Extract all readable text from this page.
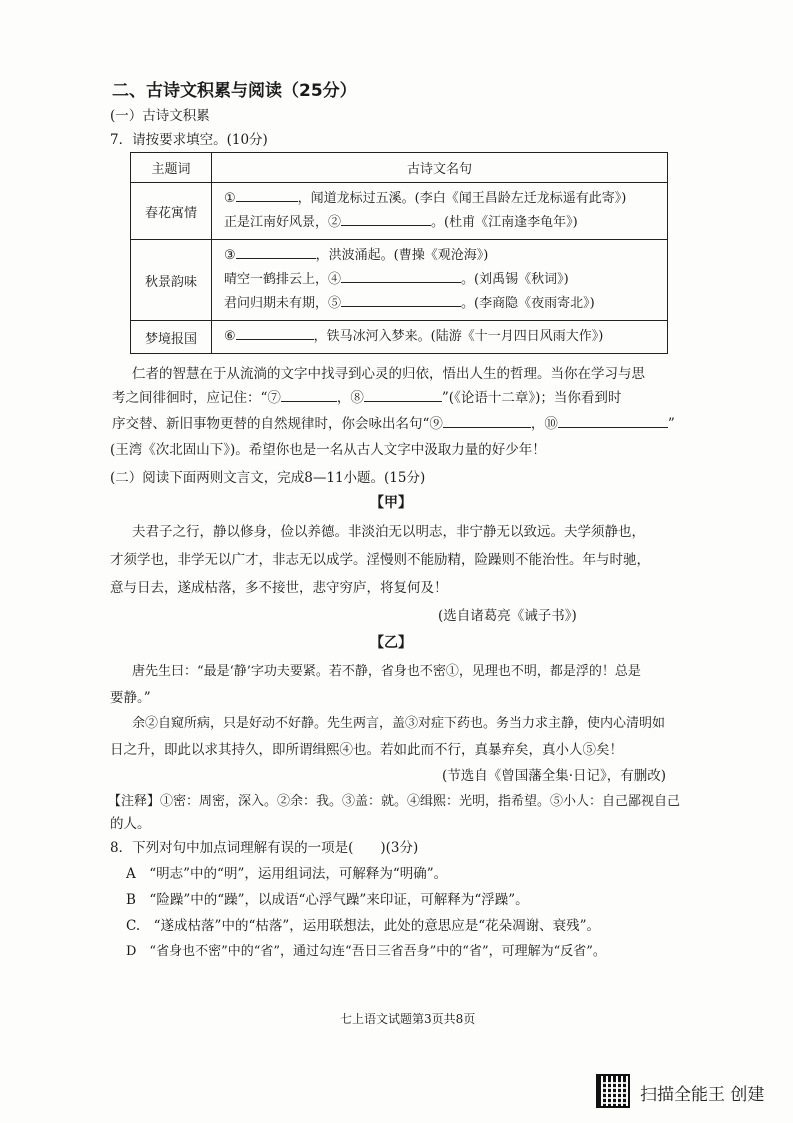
二、古诗文积累与阅读（25分）
(一）古诗文积累
7．请按要求填空。(10分)
主题词	古诗文名句
春花寓情	① ，闻道龙标过五溪。(李白《闻王昌龄左迁龙标遥有此寄》)
正是江南好风景，② 。(杜甫《江南逢李龟年》)

秋景韵味	③ ，洪波涌起。(曹操《观沧海》)
晴空一鹤排云上，④ 。(刘禹锡《秋词》)
君问归期未有期，⑤ 。(李商隐《夜雨寄北》)

梦境报国	⑥ ，铁马冰河入梦来。(陆游《十一月四日风雨大作》)
仁者的智慧在于从流淌的文字中找寻到心灵的归依，悟出人生的哲理。当你在学习与思
考之间徘徊时，应记住：“⑦	，⑧	”(《论语十二章》)；当你看到时
序交替、新旧事物更替的自然规律时，你会咏出名句“⑨	，⑩	”
(王湾《次北固山下》)。希望你也是一名从古人文字中汲取力量的好少年！
(二）阅读下面两则文言文，完成8—11小题。(15分)
【甲】
夫君子之行，静以修身，俭以养德。非淡泊无以明志，非宁静无以致远。夫学须静也，
才须学也，非学无以广才，非志无以成学。淫慢则不能励精，险躁则不能治性。年与时驰，
意与日去，遂成枯落，多不接世，悲守穷庐，将复何及！
(选自诸葛亮《诫子书》)
【乙】
唐先生曰：“最是‘静’字功夫要紧。若不静，省身也不密①，见理也不明，都是浮的！总是
要静。”
余②自窥所病，只是好动不好静。先生两言，盖③对症下药也。务当力求主静，使内心清明如
日之升，即此以求其持久，即所谓缉熙④也。若如此而不行，真暴弃矣，真小人⑤矣！
(节选自《曾国藩全集·日记》，有删改)
【注释】①密：周密，深入。②余：我。③盖：就。④缉熙：光明，指希望。⑤小人：自己鄙视自己
的人。
8．下列对句中加点词理解有误的一项是(　　)(3分)
A　“明志”中的“明”，运用组词法，可解释为“明确”。
B　“险躁”中的“躁”，以成语“心浮气躁”来印证，可解释为“浮躁”。
C.　“遂成枯落”中的“枯落”，运用联想法，此处的意思应是“花朵凋谢、衰残”。
D　“省身也不密”中的“省”，通过勾连“吾日三省吾身”中的“省”，可理解为“反省”。
七上语文试题第3页共8页
扫描全能王 创建
